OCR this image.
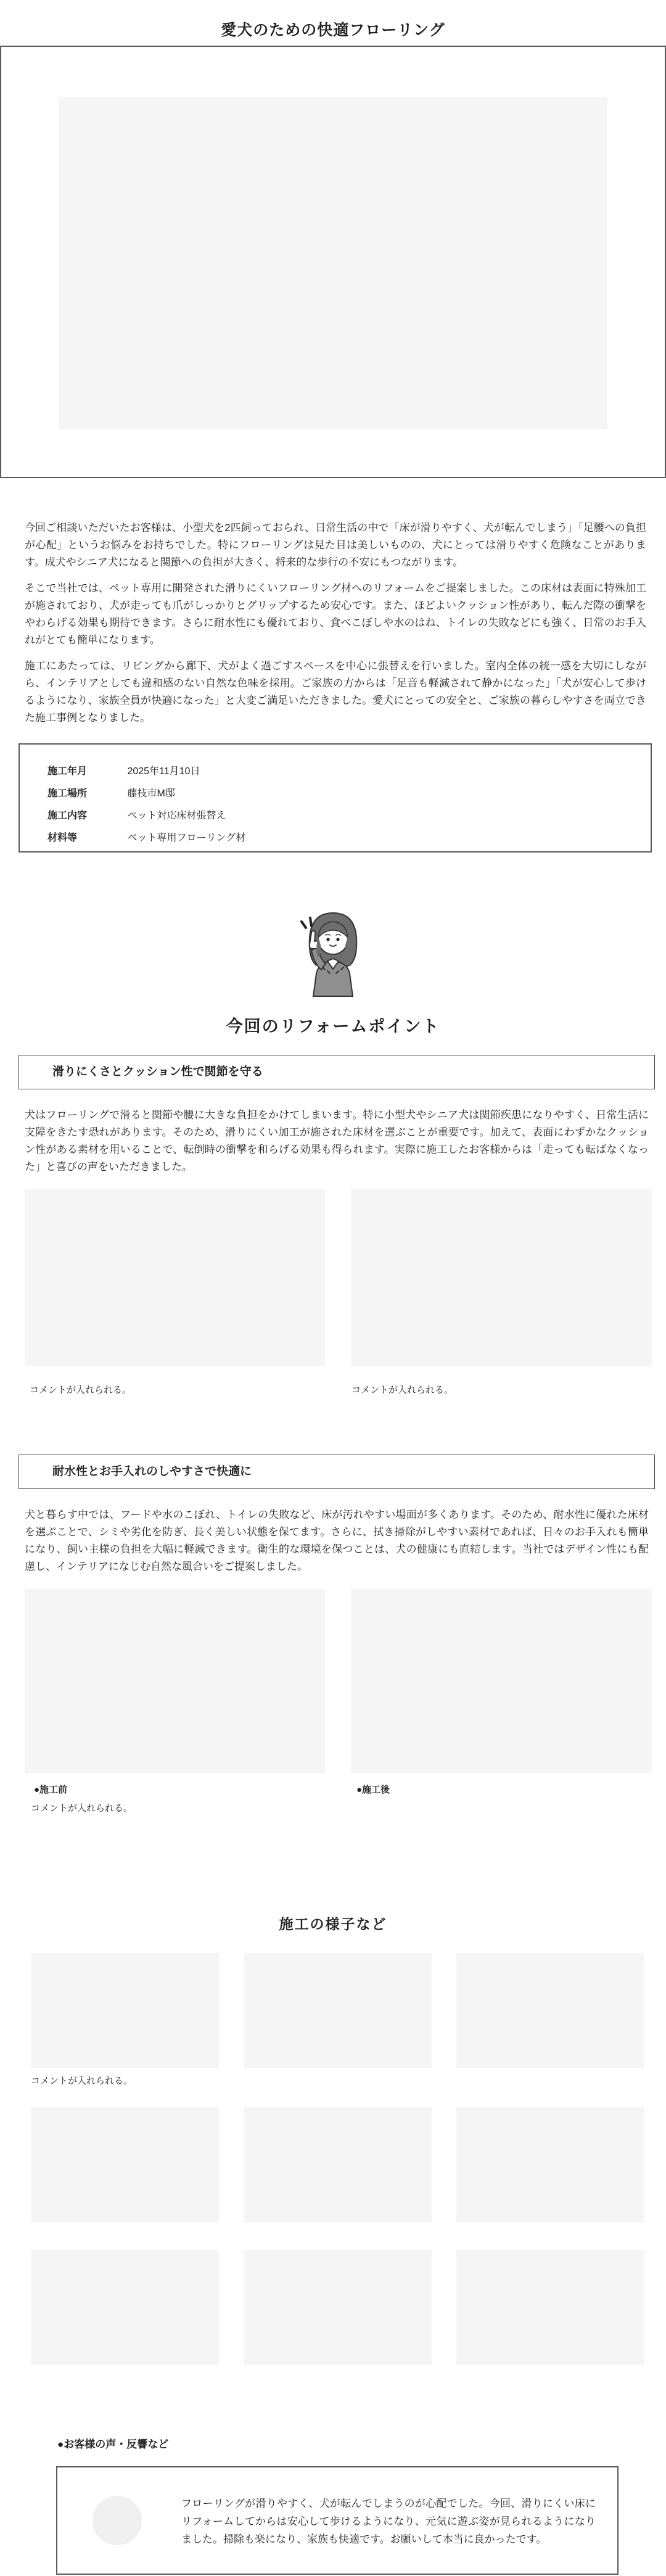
愛犬のための快適フローリング

今回ご相談いただいたお客様は、小型犬を2匹飼っておられ、日常生活の中で「床が滑りやすく、犬が転んでしまう」「足腰への負担が心配」というお悩みをお持ちでした。特にフローリングは見た目は美しいものの、犬にとっては滑りやすく危険なことがあります。成犬やシニア犬になると関節への負担が大きく、将来的な歩行の不安にもつながります。

そこで当社では、ペット専用に開発された滑りにくいフローリング材へのリフォームをご提案しました。この床材は表面に特殊加工が施されており、犬が走っても爪がしっかりとグリップするため安心です。また、ほどよいクッション性があり、転んだ際の衝撃をやわらげる効果も期待できます。さらに耐水性にも優れており、食べこぼしや水のはね、トイレの失敗などにも強く、日常のお手入れがとても簡単になります。

施工にあたっては、リビングから廊下、犬がよく過ごすスペースを中心に張替えを行いました。室内全体の統一感を大切にしながら、インテリアとしても違和感のない自然な色味を採用。ご家族の方からは「足音も軽減されて静かになった」「犬が安心して歩けるようになり、家族全員が快適になった」と大変ご満足いただきました。愛犬にとっての安全と、ご家族の暮らしやすさを両立できた施工事例となりました。

施工年月	2025年11月10日
施工場所	藤枝市M邸
施工内容	ペット対応床材張替え
材料等	ペット専用フローリング材
今回のリフォームポイント
滑りにくさとクッション性で関節を守る
犬はフローリングで滑ると関節や腰に大きな負担をかけてしまいます。特に小型犬やシニア犬は関節疾患になりやすく、日常生活に支障をきたす恐れがあります。そのため、滑りにくい加工が施された床材を選ぶことが重要です。加えて、表面にわずかなクッション性がある素材を用いることで、転倒時の衝撃を和らげる効果も得られます。実際に施工したお客様からは「走っても転ばなくなった」と喜びの声をいただきました。
コメントが入れられる。	コメントが入れられる。
耐水性とお手入れのしやすさで快適に
犬と暮らす中では、フードや水のこぼれ、トイレの失敗など、床が汚れやすい場面が多くあります。そのため、耐水性に優れた床材を選ぶことで、シミや劣化を防ぎ、長く美しい状態を保てます。さらに、拭き掃除がしやすい素材であれば、日々のお手入れも簡単になり、飼い主様の負担を大幅に軽減できます。衛生的な環境を保つことは、犬の健康にも直結します。当社ではデザイン性にも配慮し、インテリアになじむ自然な風合いをご提案しました。
●施工前	●施工後
コメントが入れられる。
施工の様子など
コメントが入れられる。
●お客様の声・反響など
フローリングが滑りやすく、犬が転んでしまうのが心配でした。今回、滑りにくい床にリフォームしてからは安心して歩けるようになり、元気に遊ぶ姿が見られるようになりました。掃除も楽になり、家族も快適です。お願いして本当に良かったです。
